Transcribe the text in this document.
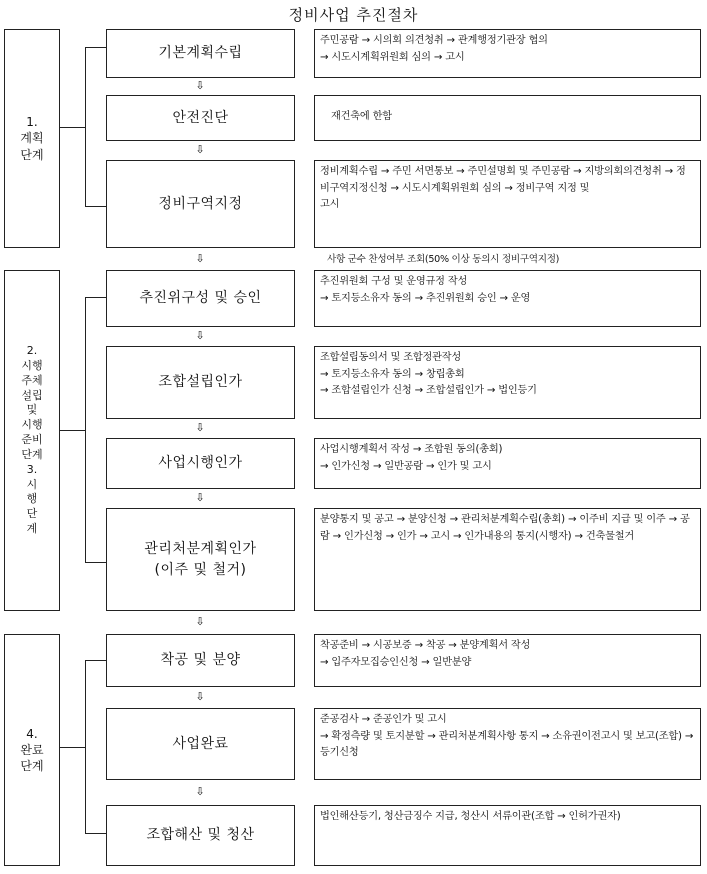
정비사업 추진절차
1.
계획
단계
2.
시행
주체
설립
및
시행
준비
단계
3.
시
행
단
계
4.
완료
단계
기본계획수립
안전진단
정비구역지정
추진위구성 및 승인
조합설립인가
사업시행인가
관리처분계획인가
(이주 및 철거)
착공 및 분양
사업완료
조합해산 및 청산
주민공람 → 시의회 의견청취 → 관계행정기관장 협의
→ 시도시계획위원회 심의 → 고시
재건축에 한함
정비계획수립 → 주민 서면통보 → 주민설명회 및 주민공람 → 지방의회의견청취 → 정비구역지정신청 → 시도시계획위원회 심의 → 정비구역 지정 및
고시
추진위원회 구성 및 운영규정 작성
→ 토지등소유자 동의 → 추진위원회 승인 → 운영
조합설립동의서 및 조합정관작성
→ 토지등소유자 동의 → 창립총회
→ 조합설립인가 신청 → 조합설립인가 → 법인등기
사업시행계획서 작성 → 조합원 동의(총회)
→ 인가신청 → 일반공람 → 인가 및 고시
분양통지 및 공고 → 분양신청 → 관리처분계획수립(총회) → 이주비 지급 및 이주 → 공람 → 인가신청 → 인가 → 고시 → 인가내용의 통지(시행자) → 건축물철거
착공준비 → 시공보증 → 착공 → 분양계획서 작성
→ 입주자모집승인신청 → 일반분양
준공검사 → 준공인가 및 고시
→ 확정측량 및 토지분할 → 관리처분계획사항 통지 → 소유권이전고시 및 보고(조합) → 등기신청
법인해산등기, 청산금징수 지급, 청산시 서류이관(조합 → 인허가권자)
사항 군수 찬성여부 조회(50% 이상 동의시 정비구역지정)
⇩
⇩
⇩
⇩
⇩
⇩
⇩
⇩
⇩
